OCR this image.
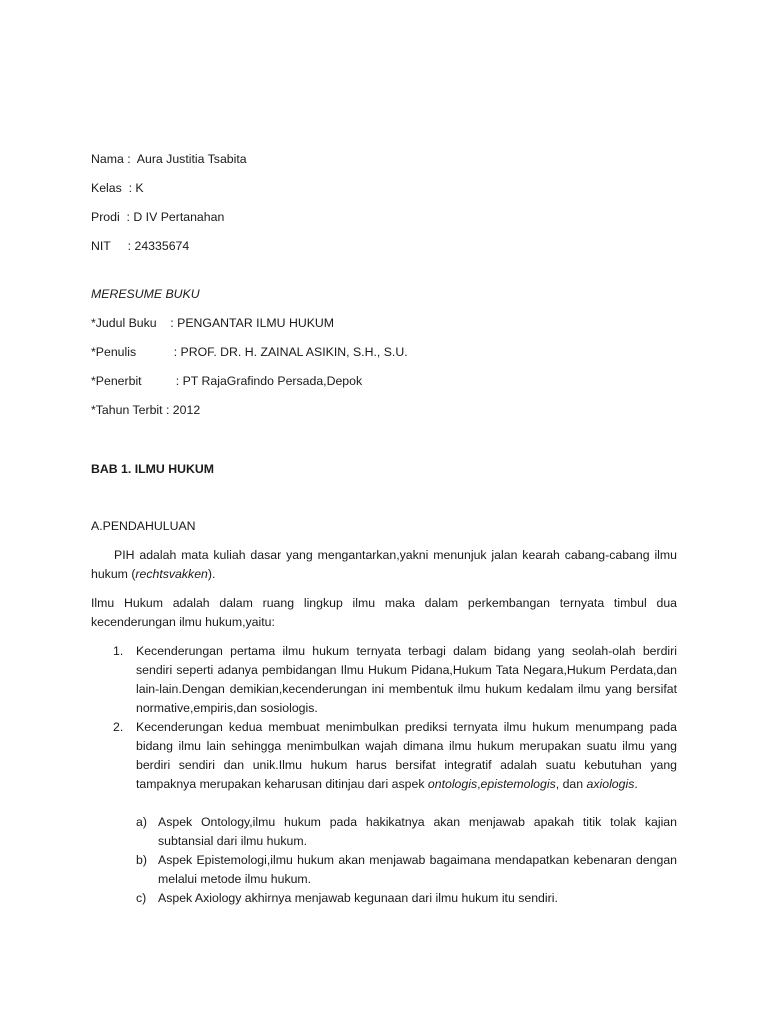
Nama :  Aura Justitia Tsabita
Kelas  : K
Prodi  : D IV Pertanahan
NIT     : 24335674
MERESUME BUKU
*Judul Buku    : PENGANTAR ILMU HUKUM
*Penulis           : PROF. DR. H. ZAINAL ASIKIN, S.H., S.U.
*Penerbit          : PT RajaGrafindo Persada,Depok
*Tahun Terbit : 2012
BAB 1. ILMU HUKUM
A.PENDAHULUAN

PIH adalah mata kuliah dasar yang mengantarkan,yakni menunjuk jalan kearah cabang-cabang ilmu hukum (rechtsvakken).

Ilmu Hukum adalah dalam ruang lingkup ilmu maka dalam perkembangan ternyata timbul dua kecenderungan ilmu hukum,yaitu:

1. Kecenderungan pertama ilmu hukum ternyata terbagi dalam bidang yang seolah-olah berdiri sendiri seperti adanya pembidangan Ilmu Hukum Pidana,Hukum Tata Negara,Hukum Perdata,dan lain-lain.Dengan demikian,kecenderungan ini membentuk ilmu hukum kedalam ilmu yang bersifat normative,empiris,dan sosiologis.
2. Kecenderungan kedua membuat menimbulkan prediksi ternyata ilmu hukum menumpang pada bidang ilmu lain sehingga menimbulkan wajah dimana ilmu hukum merupakan suatu ilmu yang berdiri sendiri dan unik.Ilmu hukum harus bersifat integratif adalah suatu kebutuhan yang tampaknya merupakan keharusan ditinjau dari aspek ontologis,epistemologis, dan axiologis.
a) Aspek Ontology,ilmu hukum pada hakikatnya akan menjawab apakah titik tolak kajian subtansial dari ilmu hukum.
b) Aspek Epistemologi,ilmu hukum akan menjawab bagaimana mendapatkan kebenaran dengan melalui metode ilmu hukum.
c) Aspek Axiology akhirnya menjawab kegunaan dari ilmu hukum itu sendiri.
